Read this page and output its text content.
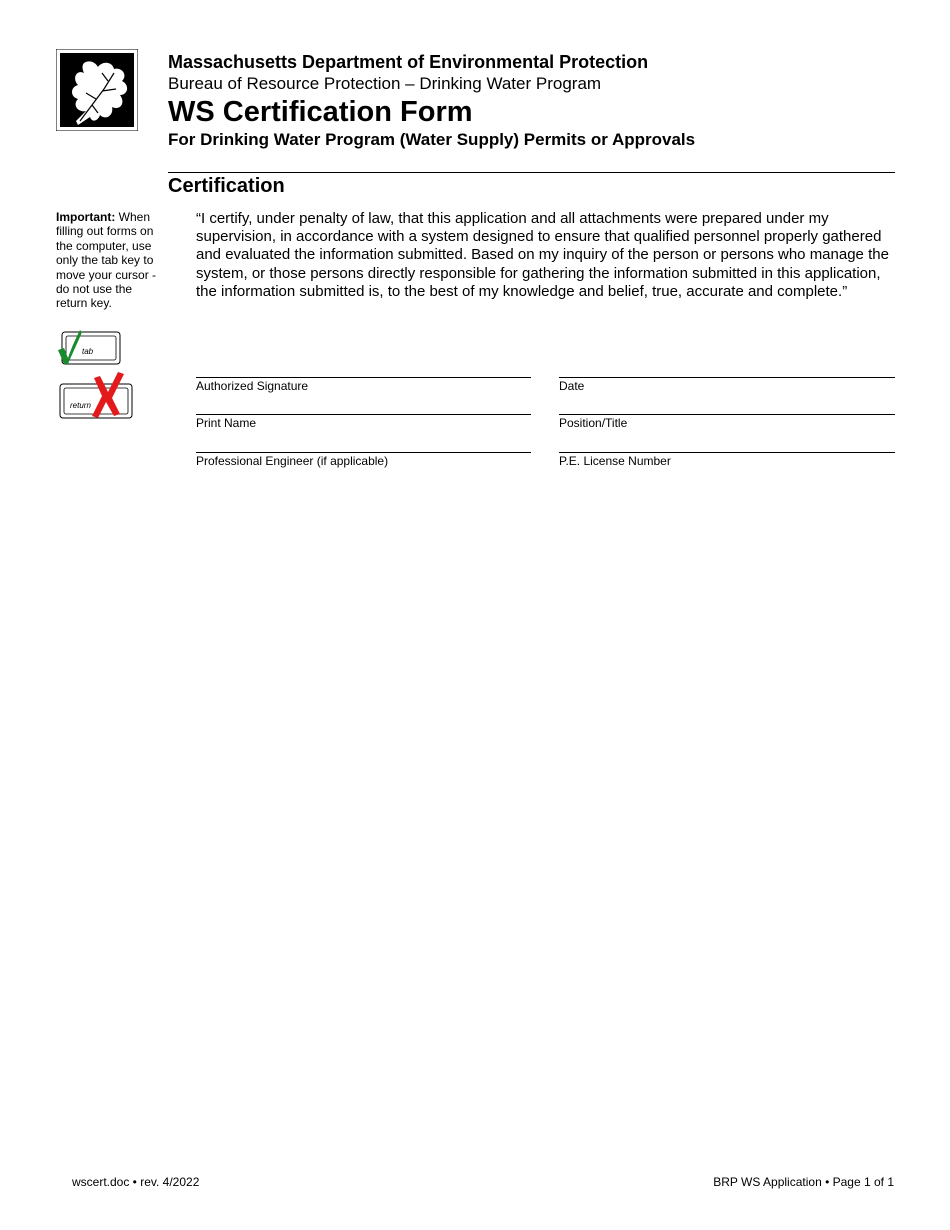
Massachusetts Department of Environmental Protection
Bureau of Resource Protection – Drinking Water Program
WS Certification Form
For Drinking Water Program (Water Supply) Permits or Approvals
Certification
Important: When filling out forms on the computer, use only the tab key to move your cursor - do not use the return key.
tab
return
“I certify, under penalty of law, that this application and all attachments were prepared under my supervision, in accordance with a system designed to ensure that qualified personnel properly gathered and evaluated the information submitted. Based on my inquiry of the person or persons who manage the system, or those persons directly responsible for gathering the information submitted in this application, the information submitted is, to the best of my knowledge and belief, true, accurate and complete.”
Authorized Signature	Date
Print Name	Position/Title
Professional Engineer (if applicable)	P.E. License Number
wscert.doc • rev. 4/2022	BRP WS Application • Page 1 of 1
